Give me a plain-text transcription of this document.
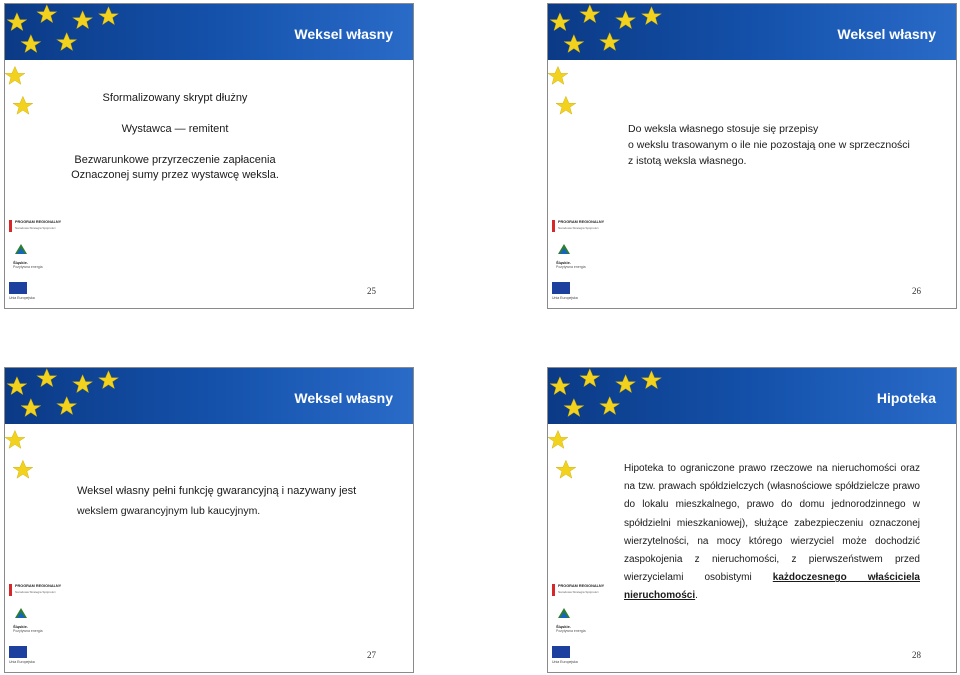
Weksel własny
Sformalizowany skrypt dłużny
Wystawca — remitent
Bezwarunkowe przyrzeczenie zapłacenia
Oznaczonej sumy przez wystawcę weksla.
PROGRAM REGIONALNY
Narodowa Strategia Spójności
Śląskie.
Pozytywna energia
Unia Europejska
25
Weksel własny
Do weksla własnego stosuje się przepisy
o wekslu trasowanym o ile nie pozostają one w sprzeczności
z istotą weksla własnego.
PROGRAM REGIONALNY
Narodowa Strategia Spójności
Śląskie.
Pozytywna energia
Unia Europejska
26
Weksel własny
Weksel własny pełni funkcję gwarancyjną i nazywany jest
wekslem gwarancyjnym lub kaucyjnym.
PROGRAM REGIONALNY
Narodowa Strategia Spójności
Śląskie.
Pozytywna energia
Unia Europejska
27
Hipoteka
Hipoteka to ograniczone prawo rzeczowe na nieruchomości oraz na tzw. prawach spółdzielczych (własnościowe spółdzielcze prawo do lokalu mieszkalnego, prawo do domu jednorodzinnego w spółdzielni mieszkaniowej), służące zabezpieczeniu oznaczonej wierzytelności, na mocy którego wierzyciel może dochodzić zaspokojenia z nieruchomości, z pierwszeństwem przed wierzycielami osobistymi każdoczesnego właściciela nieruchomości.
PROGRAM REGIONALNY
Narodowa Strategia Spójności
Śląskie.
Pozytywna energia
Unia Europejska
28
